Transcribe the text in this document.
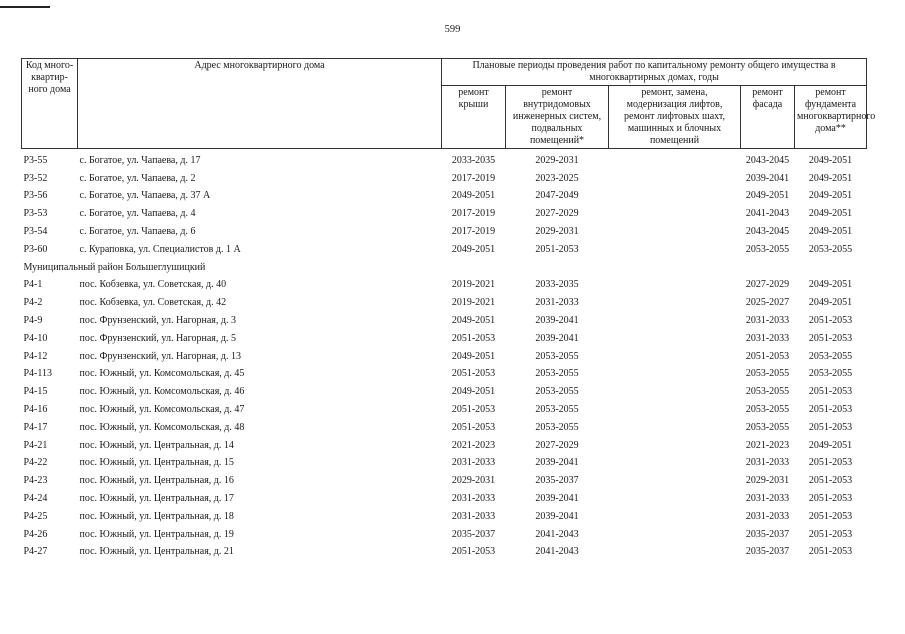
599
Код много-квартир-ного дома	Адрес многоквартирного дома	Плановые периоды проведения работ по капитальному ремонту общего имущества в многоквартирных домах, годы				
		ремонт крыши	ремонт внутридомовых инженерных систем, подвальных помещений*	ремонт, замена, модернизация лифтов, ремонт лифтовых шахт, машинных и блочных помещений	ремонт фасада	ремонт фундамента многоквартирного дома**
Р3-55	с. Богатое, ул. Чапаева, д. 17	2033-2035	2029-2031		2043-2045	2049-2051
Р3-52	с. Богатое, ул. Чапаева, д. 2	2017-2019	2023-2025		2039-2041	2049-2051
Р3-56	с. Богатое, ул. Чапаева, д. 37 А	2049-2051	2047-2049		2049-2051	2049-2051
Р3-53	с. Богатое, ул. Чапаева, д. 4	2017-2019	2027-2029		2041-2043	2049-2051
Р3-54	с. Богатое, ул. Чапаева, д. 6	2017-2019	2029-2031		2043-2045	2049-2051
Р3-60	с. Кураповка, ул. Специалистов д. 1 А	2049-2051	2051-2053		2053-2055	2053-2055
Муниципальный район Большеглушицкий						
Р4-1	пос. Кобзевка, ул. Советская, д. 40	2019-2021	2033-2035		2027-2029	2049-2051
Р4-2	пос. Кобзевка, ул. Советская, д. 42	2019-2021	2031-2033		2025-2027	2049-2051
Р4-9	пос. Фрунзенский, ул. Нагорная, д. 3	2049-2051	2039-2041		2031-2033	2051-2053
Р4-10	пос. Фрунзенский, ул. Нагорная, д. 5	2051-2053	2039-2041		2031-2033	2051-2053
Р4-12	пос. Фрунзенский, ул. Нагорная, д. 13	2049-2051	2053-2055		2051-2053	2053-2055
Р4-113	пос. Южный, ул. Комсомольская, д. 45	2051-2053	2053-2055		2053-2055	2053-2055
Р4-15	пос. Южный, ул. Комсомольская, д. 46	2049-2051	2053-2055		2053-2055	2051-2053
Р4-16	пос. Южный, ул. Комсомольская, д. 47	2051-2053	2053-2055		2053-2055	2051-2053
Р4-17	пос. Южный, ул. Комсомольская, д. 48	2051-2053	2053-2055		2053-2055	2051-2053
Р4-21	пос. Южный, ул. Центральная, д. 14	2021-2023	2027-2029		2021-2023	2049-2051
Р4-22	пос. Южный, ул. Центральная, д. 15	2031-2033	2039-2041		2031-2033	2051-2053
Р4-23	пос. Южный, ул. Центральная, д. 16	2029-2031	2035-2037		2029-2031	2051-2053
Р4-24	пос. Южный, ул. Центральная, д. 17	2031-2033	2039-2041		2031-2033	2051-2053
Р4-25	пос. Южный, ул. Центральная, д. 18	2031-2033	2039-2041		2031-2033	2051-2053
Р4-26	пос. Южный, ул. Центральная, д. 19	2035-2037	2041-2043		2035-2037	2051-2053
Р4-27	пос. Южный, ул. Центральная, д. 21	2051-2053	2041-2043		2035-2037	2051-2053
